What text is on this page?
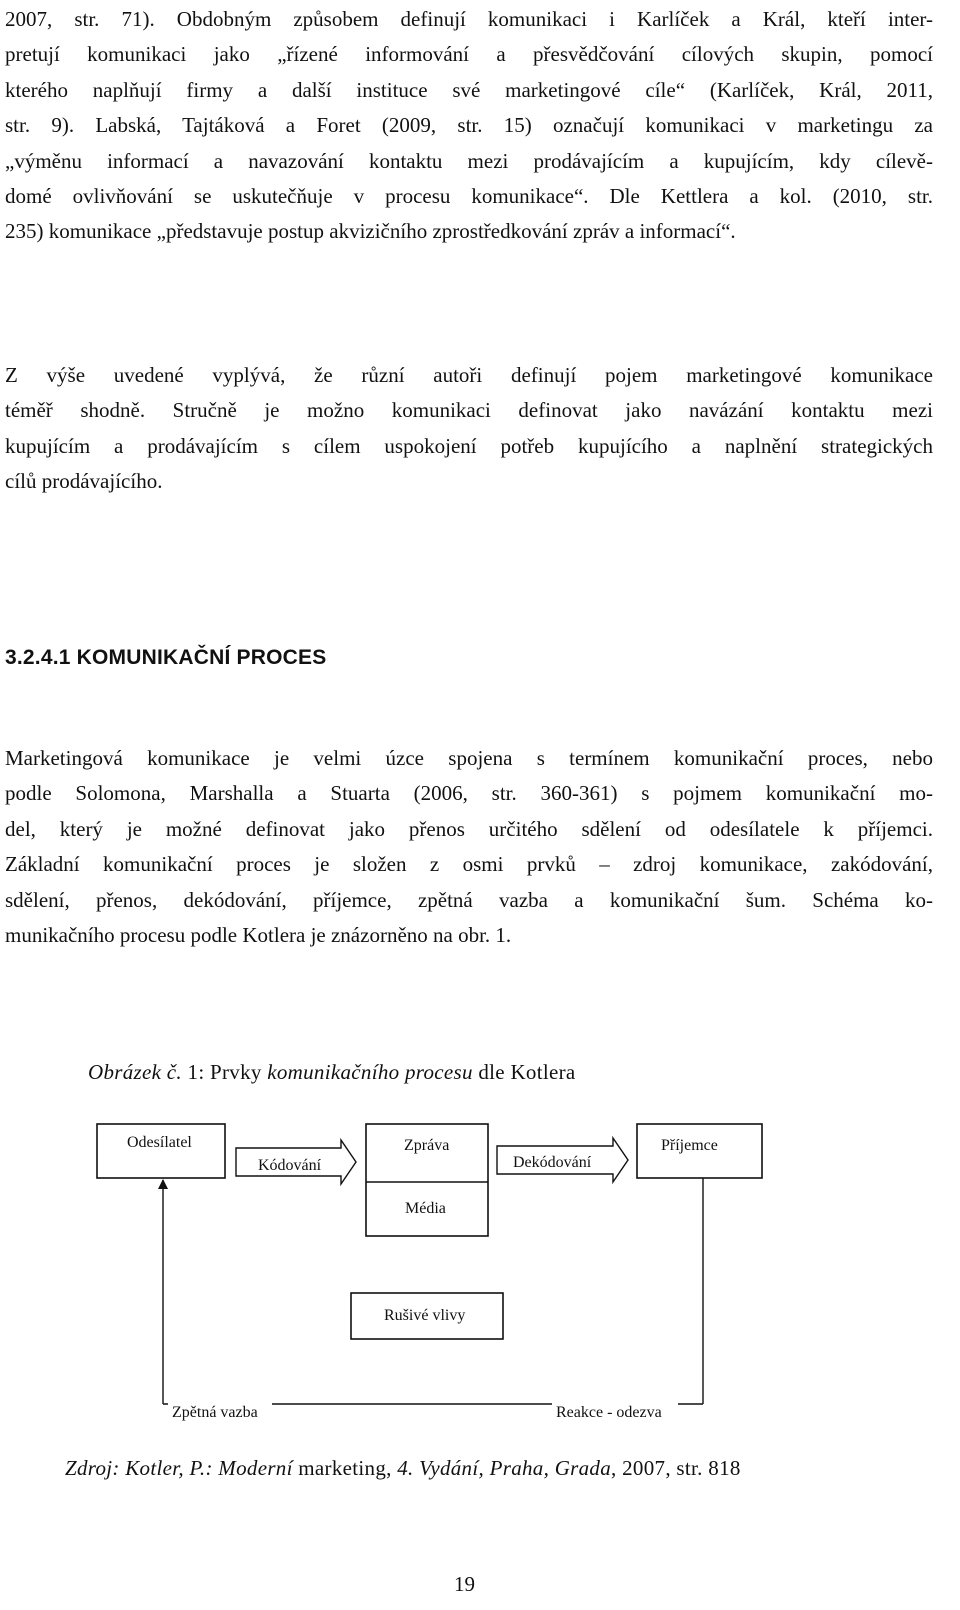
2007, str. 71). Obdobným způsobem definují komunikaci i Karlíček a Král, kteří inter-
pretují komunikaci jako „řízené informování a přesvědčování cílových skupin, pomocí
kterého naplňují firmy a další instituce své marketingové cíle“ (Karlíček, Král, 2011,
str. 9). Labská, Tajtáková a Foret (2009, str. 15) označují komunikaci v marketingu za
„výměnu informací a navazování kontaktu mezi prodávajícím a kupujícím, kdy cílevě-
domé ovlivňování se uskutečňuje v procesu komunikace“. Dle Kettlera a kol. (2010, str.
235) komunikace „představuje postup akvizičního zprostředkování zpráv a informací“.
Z výše uvedené vyplývá, že různí autoři definují pojem marketingové komunikace
téměř shodně. Stručně je možno komunikaci definovat jako navázání kontaktu mezi
kupujícím a prodávajícím s cílem uspokojení potřeb kupujícího a naplnění strategických
cílů prodávajícího.
3.2.4.1 KOMUNIKAČNÍ PROCES
Marketingová komunikace je velmi úzce spojena s termínem komunikační proces, nebo
podle Solomona, Marshalla a Stuarta (2006, str. 360-361) s pojmem komunikační mo-
del, který je možné definovat jako přenos určitého sdělení od odesílatele k příjemci.
Základní komunikační proces je složen z osmi prvků – zdroj komunikace, zakódování,
sdělení, přenos, dekódování, příjemce, zpětná vazba a komunikační šum. Schéma ko-
munikačního procesu podle Kotlera je znázorněno na obr. 1.

Obrázek č. 1: Prvky komunikačního procesu dle Kotlera

Odesílatel
Kódování
Zpráva
Média
Dekódování
Příjemce
Rušivé vlivy
Zpětná vazba	Reakce - odezva

Zdroj: Kotler, P.: Moderní marketing, 4. Vydání, Praha, Grada, 2007, str. 818

19
